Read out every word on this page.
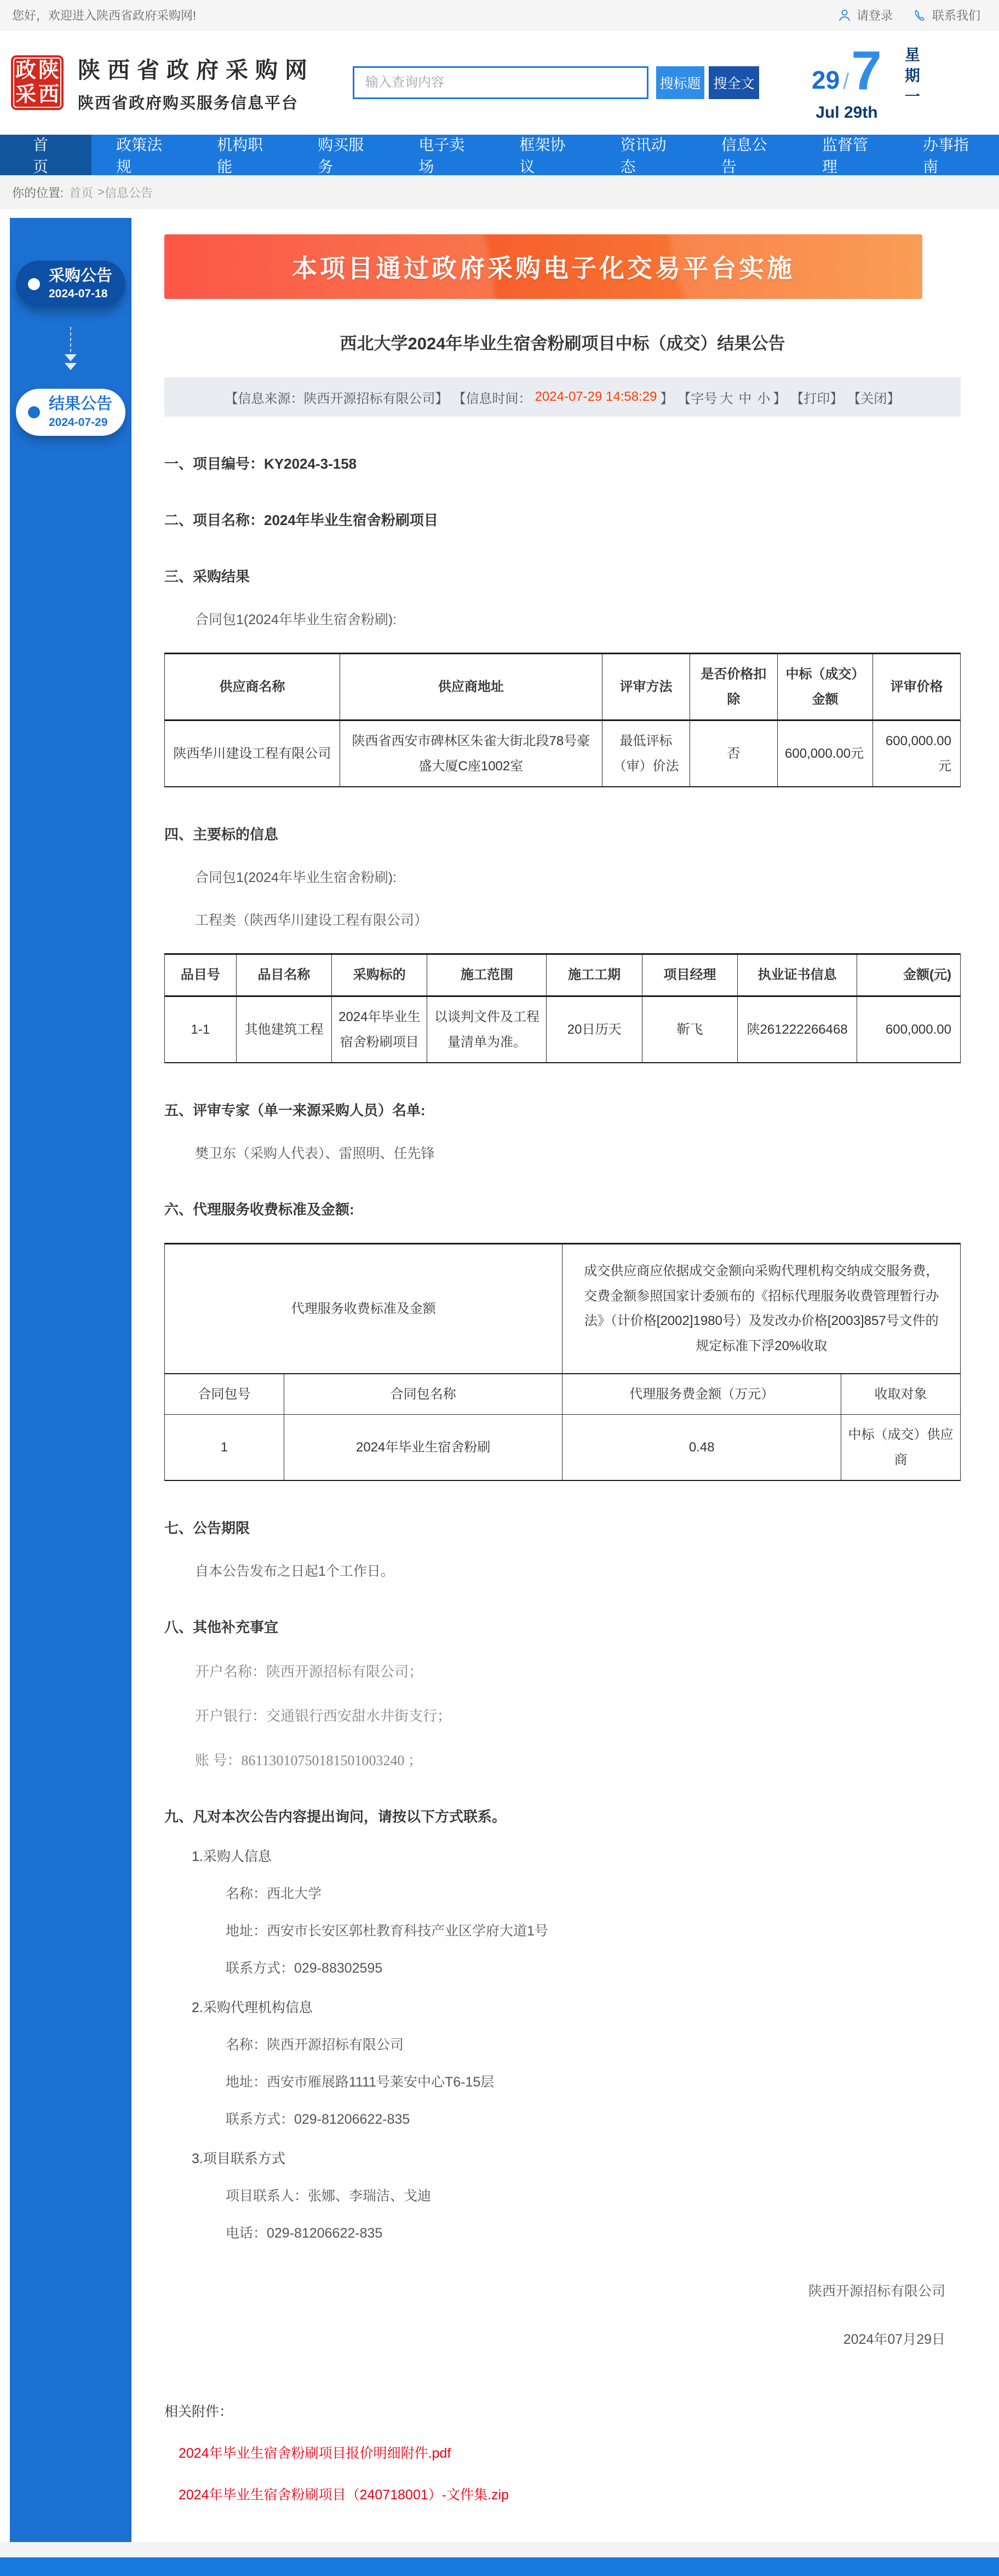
您好，欢迎进入陕西省政府采购网!	请登录	联系我们
政 陕
采 西
陕西省政府采购网
陕西省政府购买服务信息平台
输入查询内容
搜标题 搜全文 29 / 7
Jul 29th
星期一
首页
政策法规
机构职能
购买服务
电子卖场
框架协议
资讯动态
信息公告
监督管理
办事指南
你的位置: 首页 > 信息公告
采购公告
2024-07-18
结果公告
2024-07-29
本项目通过政府采购电子化交易平台实施
西北大学2024年毕业生宿舍粉刷项目中标（成交）结果公告
【信息来源：陕西开源招标有限公司】 【信息时间： 2024-07-29 14:58:29 】 【字号 大 中 小 】 【打印】 【关闭】
一、项目编号：KY2024-3-158
二、项目名称：2024年毕业生宿舍粉刷项目
三、采购结果

合同包1(2024年毕业生宿舍粉刷):

供应商名称	供应商地址	评审方法	是否价格扣除	中标（成交）金额	评审价格
陕西华川建设工程有限公司	陕西省西安市碑林区朱雀大街北段78号豪盛大厦C座1002室	最低评标（审）价法	否	600,000.00元	600,000.00元
四、主要标的信息

合同包1(2024年毕业生宿舍粉刷):

工程类（陕西华川建设工程有限公司）

品目号	品目名称	采购标的	施工范围	施工工期	项目经理	执业证书信息	金额(元)
1-1	其他建筑工程	2024年毕业生宿舍粉刷项目	以谈判文件及工程量清单为准。	20日历天	靳飞	陕261222266468	600,000.00
五、评审专家（单一来源采购人员）名单:

樊卫东（采购人代表）、雷照明、任先锋

六、代理服务收费标准及金额:
代理服务收费标准及金额		成交供应商应依据成交金额向采购代理机构交纳成交服务费，交费金额参照国家计委颁布的《招标代理服务收费管理暂行办法》（计价格[2002]1980号）及发改办价格[2003]857号文件的规定标准下浮20%收取	
合同包号	合同包名称	代理服务费金额（万元）	收取对象
1	2024年毕业生宿舍粉刷	0.48	中标（成交）供应商
七、公告期限

自本公告发布之日起1个工作日。

八、其他补充事宜

开户名称：陕西开源招标有限公司；

开户银行：交通银行西安甜水井街支行；

账 号：86113010750181501003240 ；

九、凡对本次公告内容提出询问，请按以下方式联系。

1.采购人信息

名称：西北大学

地址：西安市长安区郭杜教育科技产业区学府大道1号

联系方式：029-88302595

2.采购代理机构信息

名称：陕西开源招标有限公司

地址：西安市雁展路1111号莱安中心T6-15层

联系方式：029-81206622-835

3.项目联系方式

项目联系人：张娜、李瑞洁、戈迪

电话：029-81206622-835

陕西开源招标有限公司

2024年07月29日

相关附件：

2024年毕业生宿舍粉刷项目报价明细附件.pdf
2024年毕业生宿舍粉刷项目（240718001）-文件集.zip
